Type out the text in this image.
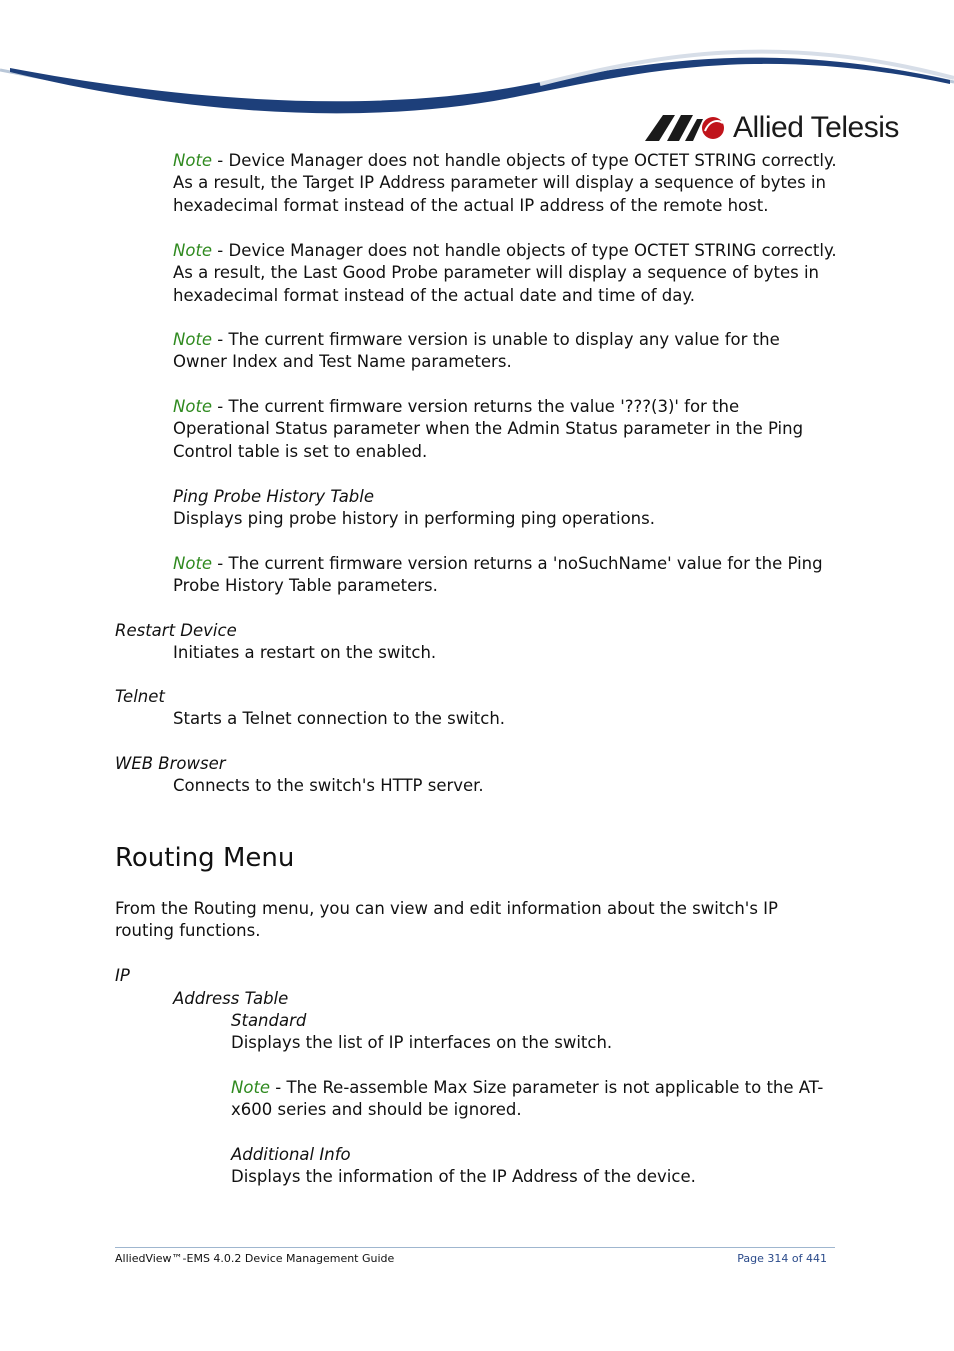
Allied Telesis

Note - Device Manager does not handle objects of type OCTET STRING correctly. As a result, the Target IP Address parameter will display a sequence of bytes in hexadecimal format instead of the actual IP address of the remote host.

Note - Device Manager does not handle objects of type OCTET STRING correctly. As a result, the Last Good Probe parameter will display a sequence of bytes in hexadecimal format instead of the actual date and time of day.

Note - The current firmware version is unable to display any value for the Owner Index and Test Name parameters.

Note - The current firmware version returns the value '???(3)' for the Operational Status parameter when the Admin Status parameter in the Ping Control table is set to enabled.

Ping Probe History Table

Displays ping probe history in performing ping operations.

Note - The current firmware version returns a 'noSuchName' value for the Ping Probe History Table parameters.

Restart Device

Initiates a restart on the switch.

Telnet

Starts a Telnet connection to the switch.

WEB Browser

Connects to the switch's HTTP server.

Routing Menu

From the Routing menu, you can view and edit information about the switch's IP routing functions.

IP

Address Table

Standard

Displays the list of IP interfaces on the switch.

Note - The Re-assemble Max Size parameter is not applicable to the AT-x600 series and should be ignored.

Additional Info

Displays the information of the IP Address of the device.

AlliedView™-EMS 4.0.2 Device Management Guide	Page 314 of 441
